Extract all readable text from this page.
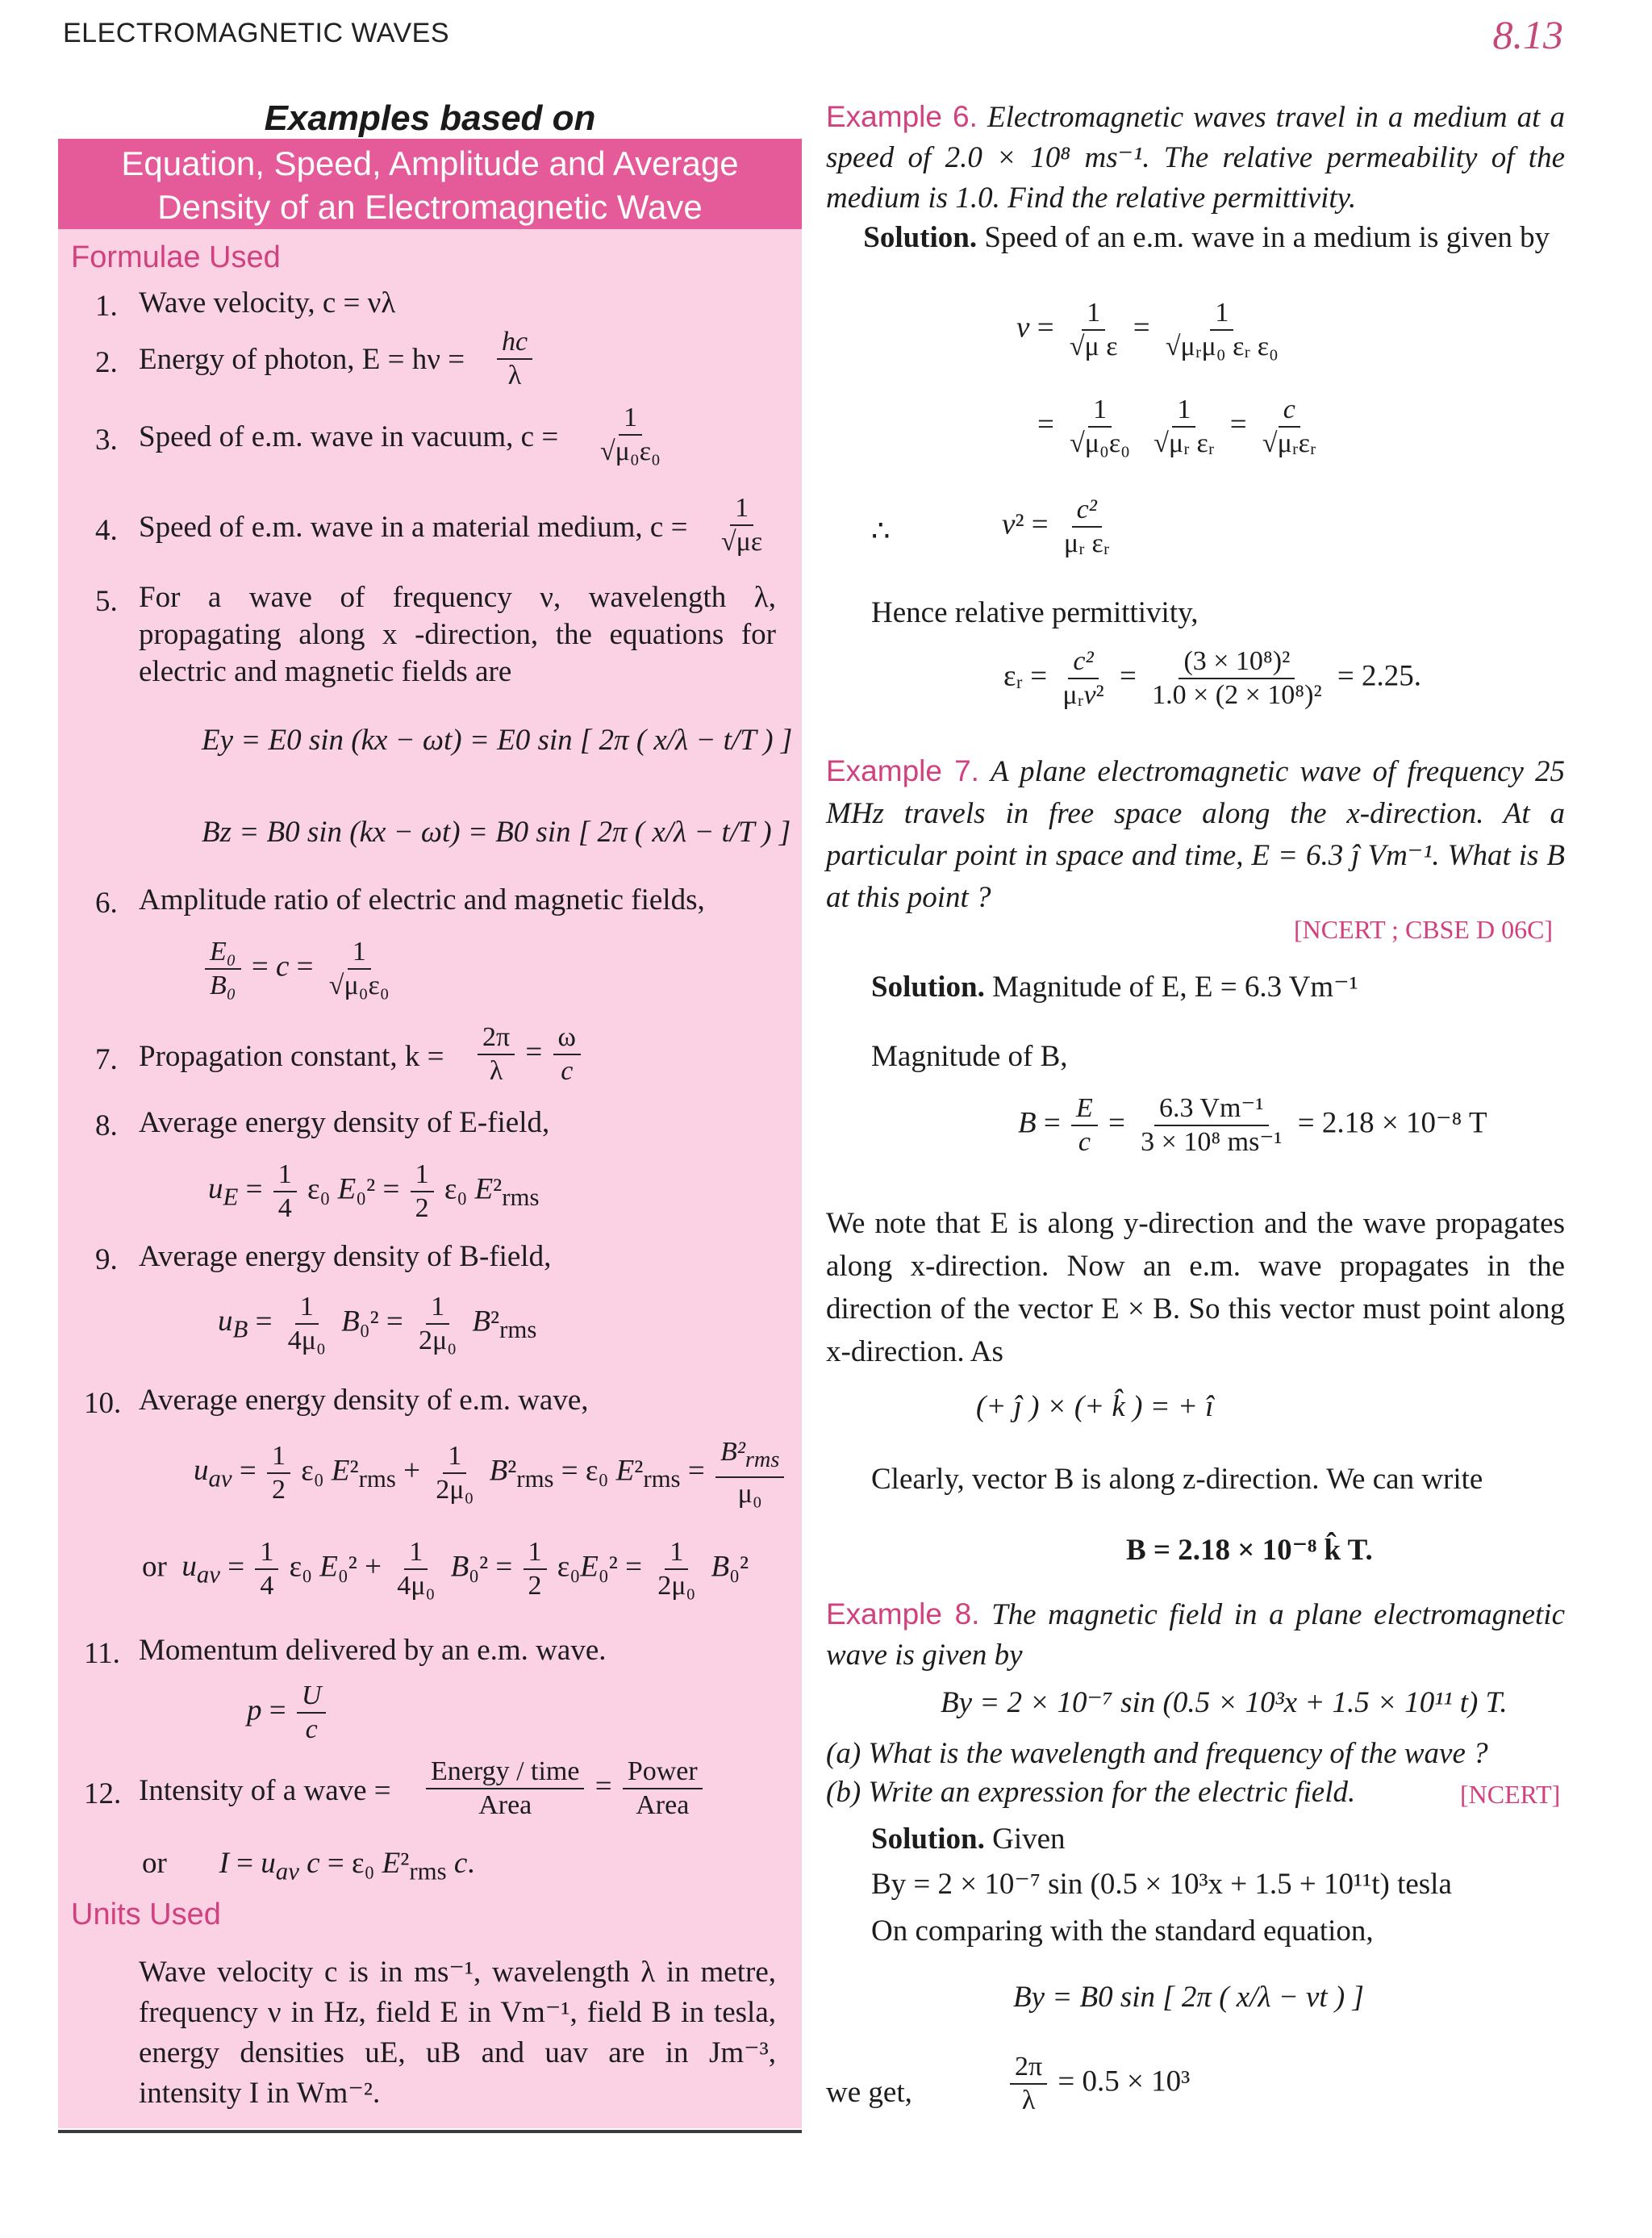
ELECTROMAGNETIC WAVES	8.13
Examples based on
Equation, Speed, Amplitude and Average
Density of an Electromagnetic Wave
Formulae Used
1. Wave velocity, c = νλ
2. Energy of photon, $E = h\nu = \frac{hc}{\lambda}$
3. Speed of e.m. wave in vacuum, $c = \frac{1}{\text{√μ₀ε₀}}$
4. Speed of e.m. wave in a material medium, $c = \frac{1}{√\mu\varepsilon}$
5. For a wave of frequency ν, wavelength λ, propagating along x -direction, the equations for electric and magnetic fields are
Ey = E0 sin (kx − ωt) = E0 sin [ 2π ( x/λ − t/T ) ]
Bz = B0 sin (kx − ωt) = B0 sin [ 2π ( x/λ − t/T ) ]
6. Amplitude ratio of electric and magnetic fields,
$\frac{\text{E₀}}{\text{B₀}} = c = \frac{1}{\text{√μ₀ε₀}}$
7. Propagation constant, $k = \frac{2\pi}{\lambda} = \frac{\omega}{c}$
8. Average energy density of E-field,
$u_E = \frac{1}{4} \varepsilon_0$ $E_0^2 = \frac{1}{2} \varepsilon_0$ $E^2_{rms}$
9. Average energy density of B-field,
$u_B = \frac{1}{\text{4μ₀}} B_0^2 = \frac{1}{\text{2μ₀}} B^2_{rms}$
10. Average energy density of e.m. wave,
$u_{av} = \frac{1}{2} \varepsilon_0$ $E^2_{rms} + \frac{1}{\text{2μ₀}} B^2_{rms} = \varepsilon_0$ $E^2_{rms} = \frac{B^2_{rms}}{\text{μ₀}}$
or $u_{av} = \frac{1}{4} \varepsilon_0$ $E_0^2 + \frac{1}{\text{4μ₀}} B_0^2 = \frac{1}{2} \varepsilon_0E_0^2 = \frac{1}{\text{2μ₀}} B_0^2$
11. Momentum delivered by an e.m. wave.
$p = \frac{U}{c}$
12. Intensity of a wave = $\frac{\text{Energy / time}}{\text{Area}} = \frac{\text{Power}}{\text{Area}}$
or $I = u_{av}$ c = ε₀ $E^2_{rms}$ c.
Units Used
Wave velocity c is in ms⁻¹, wavelength λ in metre, frequency ν in Hz, field E in Vm⁻¹, field B in tesla, energy densities uE, uB and uav are in Jm⁻³, intensity I in Wm⁻².
Example 6. Electromagnetic waves travel in a medium at a speed of 2.0 × 10⁸ ms⁻¹. The relative permeability of the medium is 1.0. Find the relative permittivity.
Solution. Speed of an e.m. wave in a medium is given by
$v = \frac{1}{\text{√μ ε}} = \frac{1}{\text{√μᵣμ₀ εᵣ ε₀}}$
= $\frac{1}{\text{√μ₀ε₀}}$
$\frac{1}{\text{√μᵣ εᵣ}} = \frac{c}{\text{√μᵣεᵣ}}$
∴	$v^2 = \frac{\text{c²}}{\text{μᵣ εᵣ}}$
Hence relative permittivity,
εᵣ = $\frac{\text{c²}}{\text{μᵣv²}} = \frac{\text{(3 × 10⁸)²}}{\text{1.0 × (2 × 10⁸)²}} = 2.25$.
Example 7. A plane electromagnetic wave of frequency 25 MHz travels in free space along the x-direction. At a particular point in space and time, E = 6.3 ĵ Vm⁻¹. What is B at this point ?
[NCERT ; CBSE D 06C]
Solution. Magnitude of E, E = 6.3 Vm⁻¹
Magnitude of B,
$B = \frac{E}{c} = \frac{\text{6.3 Vm⁻¹}}{\text{3 × 10⁸ ms⁻¹}} = 2.18 \times 10^{-8}$ T
We note that E is along y-direction and the wave propagates along x-direction. Now an e.m. wave propagates in the direction of the vector E × B. So this vector must point along x-direction. As
(+ ĵ ) × (+ k̂ ) = + î
Clearly, vector B is along z-direction. We can write
B = 2.18 × 10⁻⁸ k̂ T.
Example 8. The magnetic field in a plane electromagnetic wave is given by
By = 2 × 10⁻⁷ sin (0.5 × 10³x + 1.5 × 10¹¹ t) T.
(a) What is the wavelength and frequency of the wave ?
(b) Write an expression for the electric field.	[NCERT]
Solution. Given
By = 2 × 10⁻⁷ sin (0.5 × 10³x + 1.5 + 10¹¹t) tesla
On comparing with the standard equation,
By = B0 sin [ 2π ( x/λ − νt ) ]
we get,	$\frac{2\pi}{\lambda} = 0.5 \times 10^3$
